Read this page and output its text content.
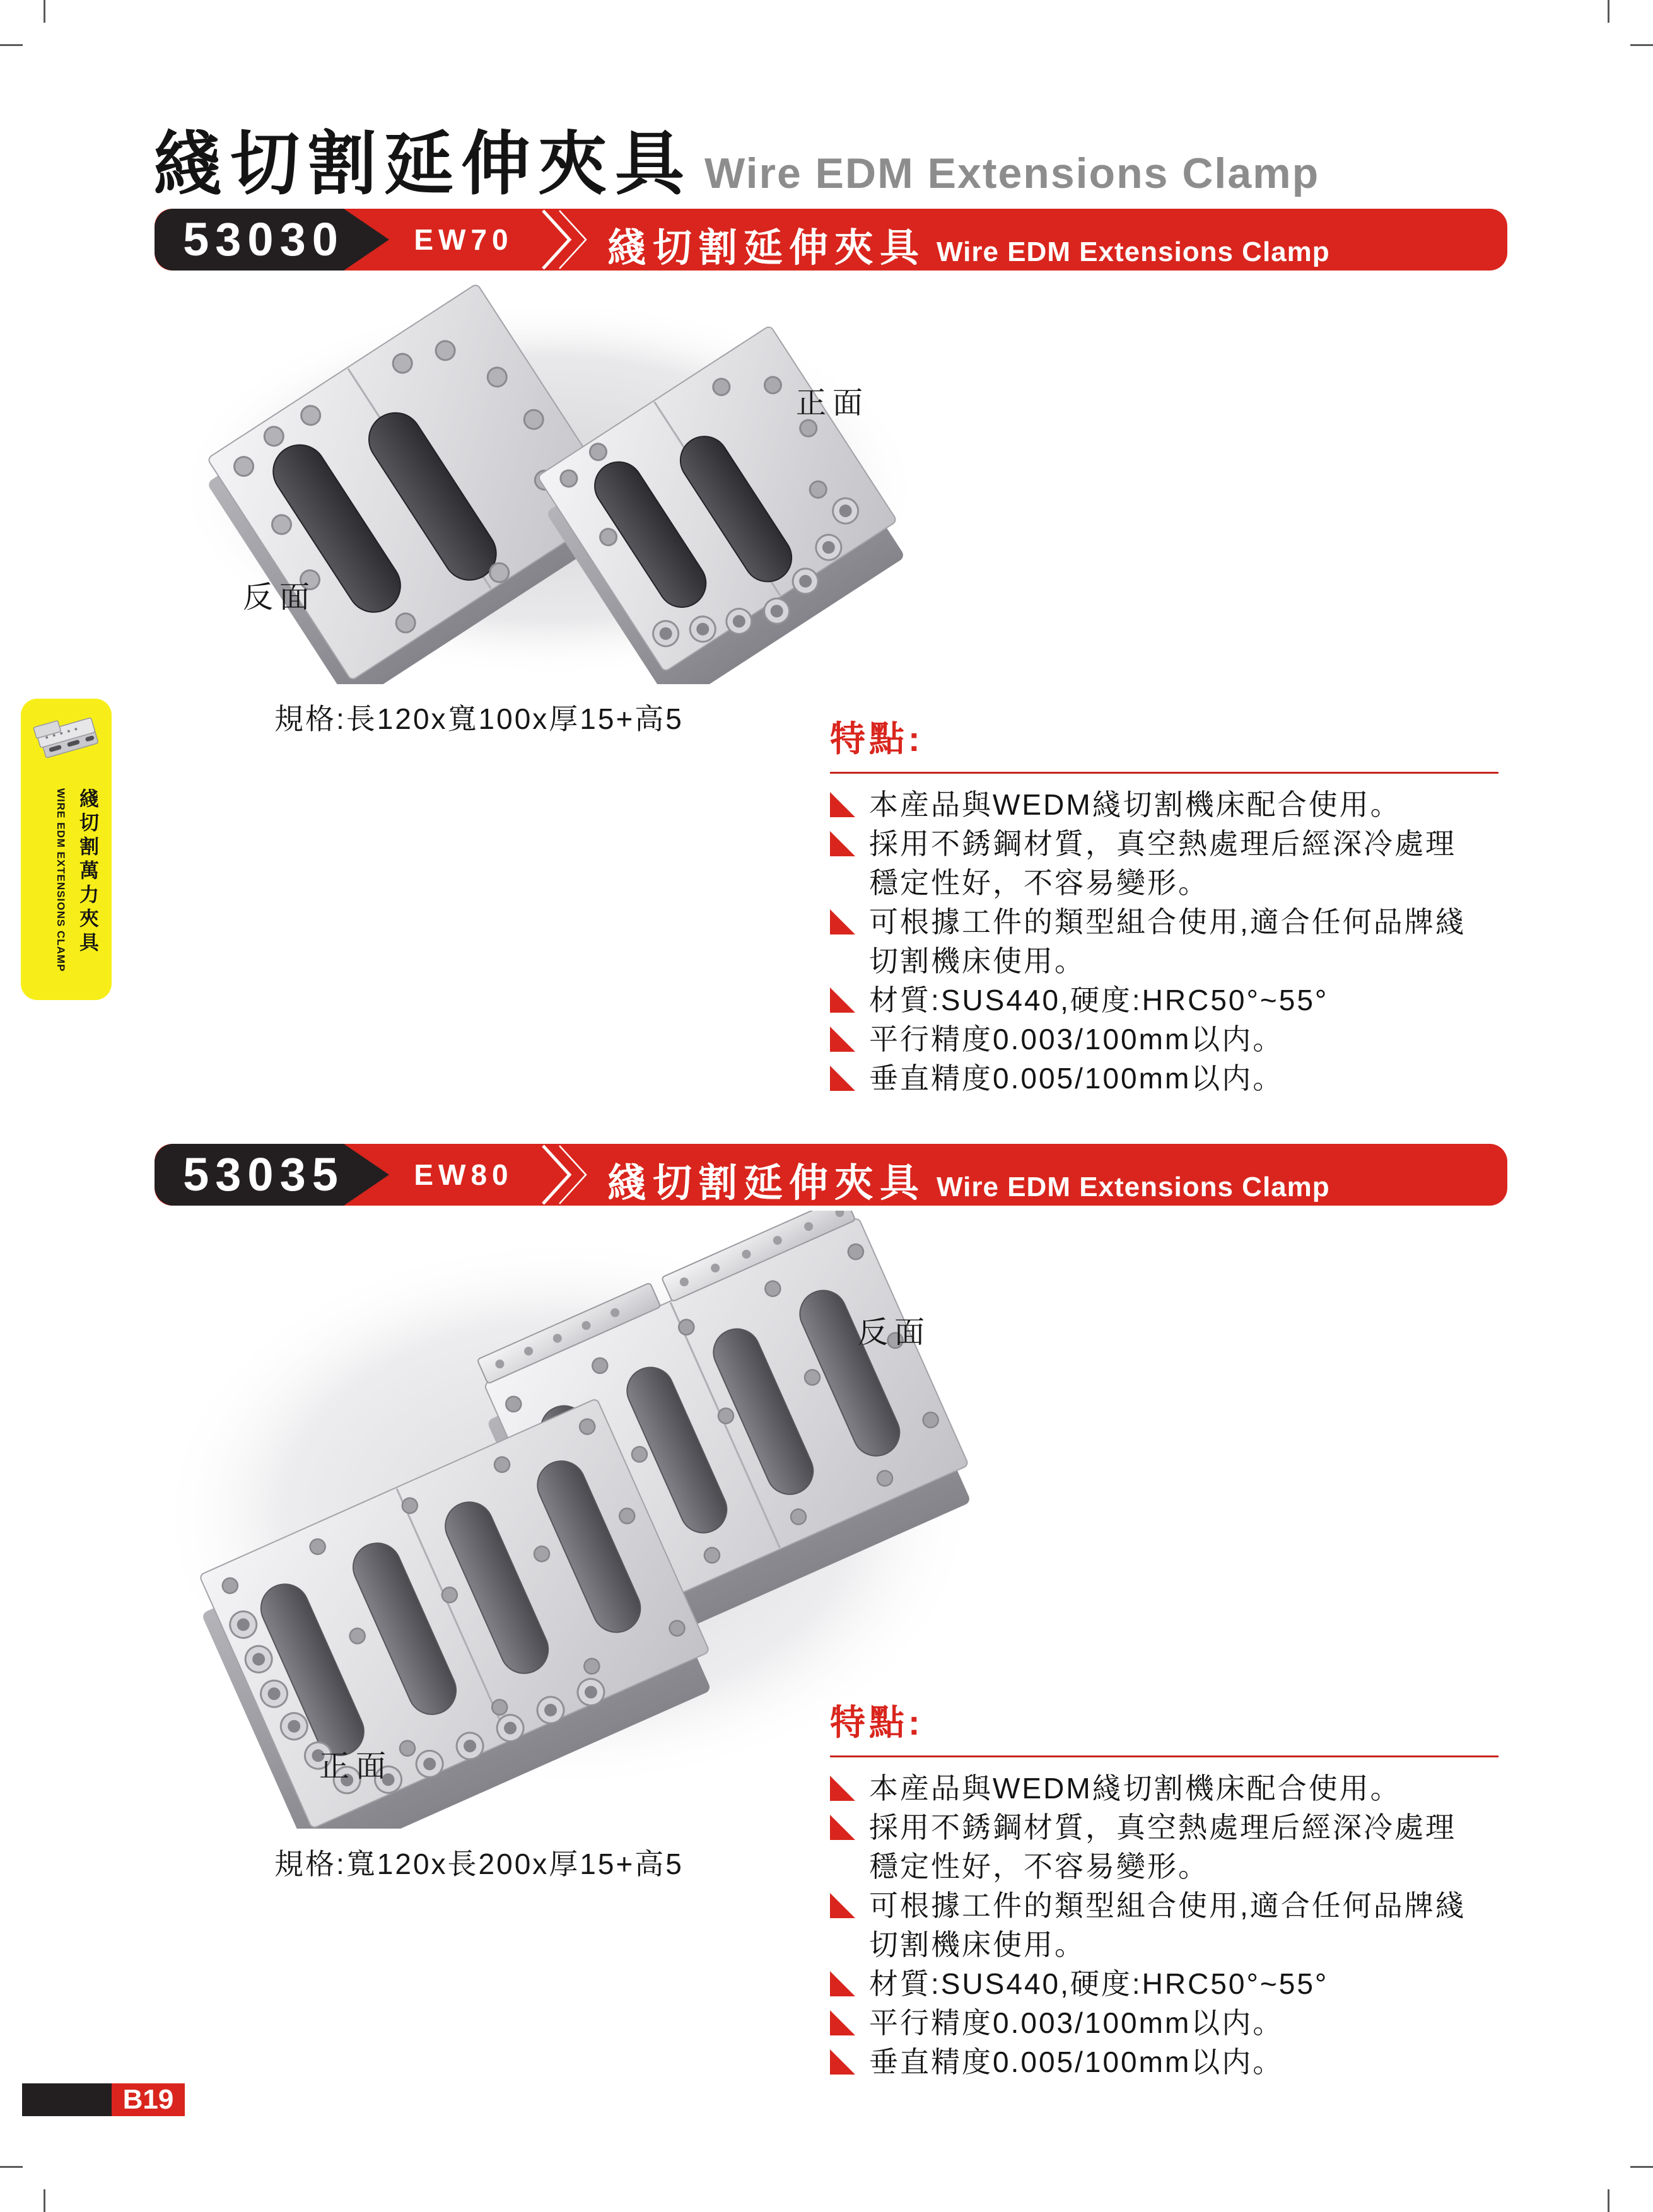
綫切割延伸夾具 Wire EDM Extensions Clamp
53030	EW70 綫切割延伸夾具 Wire EDM Extensions Clamp
反面
正面
規格:長120x寬100x厚15+高5	特點:
本産品與WEDM綫切割機床配合使用。
採用不銹鋼材質，真空熱處理后經深冷處理
穩定性好，不容易變形。
可根據工件的類型組合使用,適合任何品牌綫
切割機床使用。
材質:SUS440,硬度:HRC50°~55°
平行精度0.003/100mm以内。
垂直精度0.005/100mm以内。
綫切割萬力夾具
WIRE EDM EXTENSIONS CLAMP
53035	EW80 綫切割延伸夾具 Wire EDM Extensions Clamp
反面
正面
規格:寬120x長200x厚15+高5
特點:
本産品與WEDM綫切割機床配合使用。
採用不銹鋼材質，真空熱處理后經深冷處理
穩定性好，不容易變形。
可根據工件的類型組合使用,適合任何品牌綫
切割機床使用。
材質:SUS440,硬度:HRC50°~55°
平行精度0.003/100mm以内。
垂直精度0.005/100mm以内。
B19
